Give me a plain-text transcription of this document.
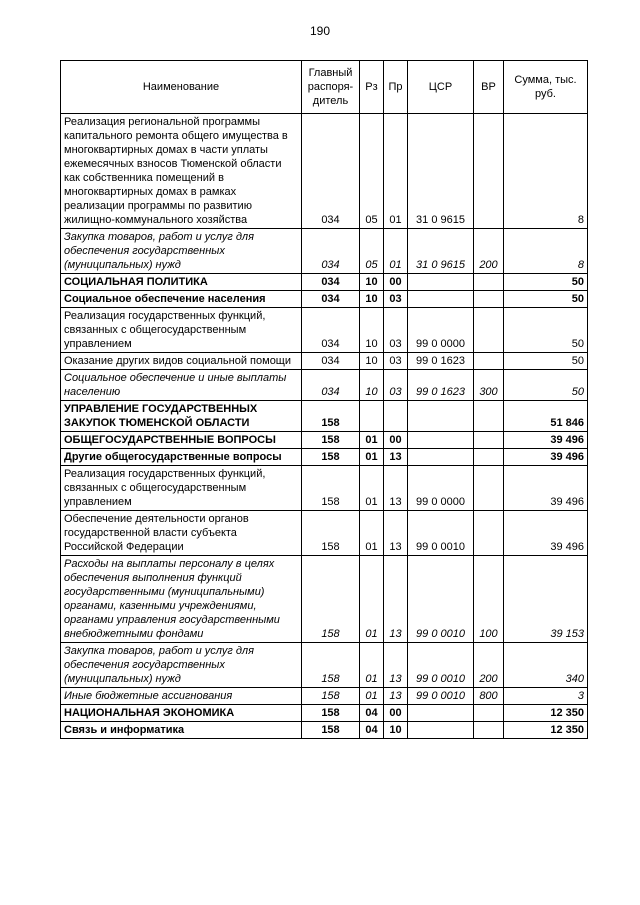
190
Наименование	Главный распоря-дитель	Рз	Пр	ЦСР	ВР	Сумма, тыс. руб.
Реализация региональной программы капитального ремонта общего имущества в многоквартирных домах в части уплаты ежемесячных взносов Тюменской области как собственника помещений в многоквартирных домах в рамках реализации программы по развитию жилищно-коммунального хозяйства	034	05	01	31 0 9615		8
Закупка товаров, работ и услуг для обеспечения государственных (муниципальных) нужд	034	05	01	31 0 9615	200	8
СОЦИАЛЬНАЯ ПОЛИТИКА	034	10	00			50
Социальное обеспечение населения	034	10	03			50
Реализация государственных функций, связанных с общегосударственным управлением	034	10	03	99 0 0000		50
Оказание других видов социальной помощи	034	10	03	99 0 1623		50
Социальное обеспечение и иные выплаты населению	034	10	03	99 0 1623	300	50
УПРАВЛЕНИЕ ГОСУДАРСТВЕННЫХ ЗАКУПОК ТЮМЕНСКОЙ ОБЛАСТИ	158					51 846
ОБЩЕГОСУДАРСТВЕННЫЕ ВОПРОСЫ	158	01	00			39 496
Другие общегосударственные вопросы	158	01	13			39 496
Реализация государственных функций, связанных с общегосударственным управлением	158	01	13	99 0 0000		39 496
Обеспечение деятельности органов государственной власти субъекта Российской Федерации	158	01	13	99 0 0010		39 496
Расходы на выплаты персоналу в целях обеспечения выполнения функций государственными (муниципальными) органами, казенными учреждениями, органами управления государственными внебюджетными фондами	158	01	13	99 0 0010	100	39 153
Закупка товаров, работ и услуг для обеспечения государственных (муниципальных) нужд	158	01	13	99 0 0010	200	340
Иные бюджетные ассигнования	158	01	13	99 0 0010	800	3
НАЦИОНАЛЬНАЯ ЭКОНОМИКА	158	04	00			12 350
Связь и информатика	158	04	10			12 350
